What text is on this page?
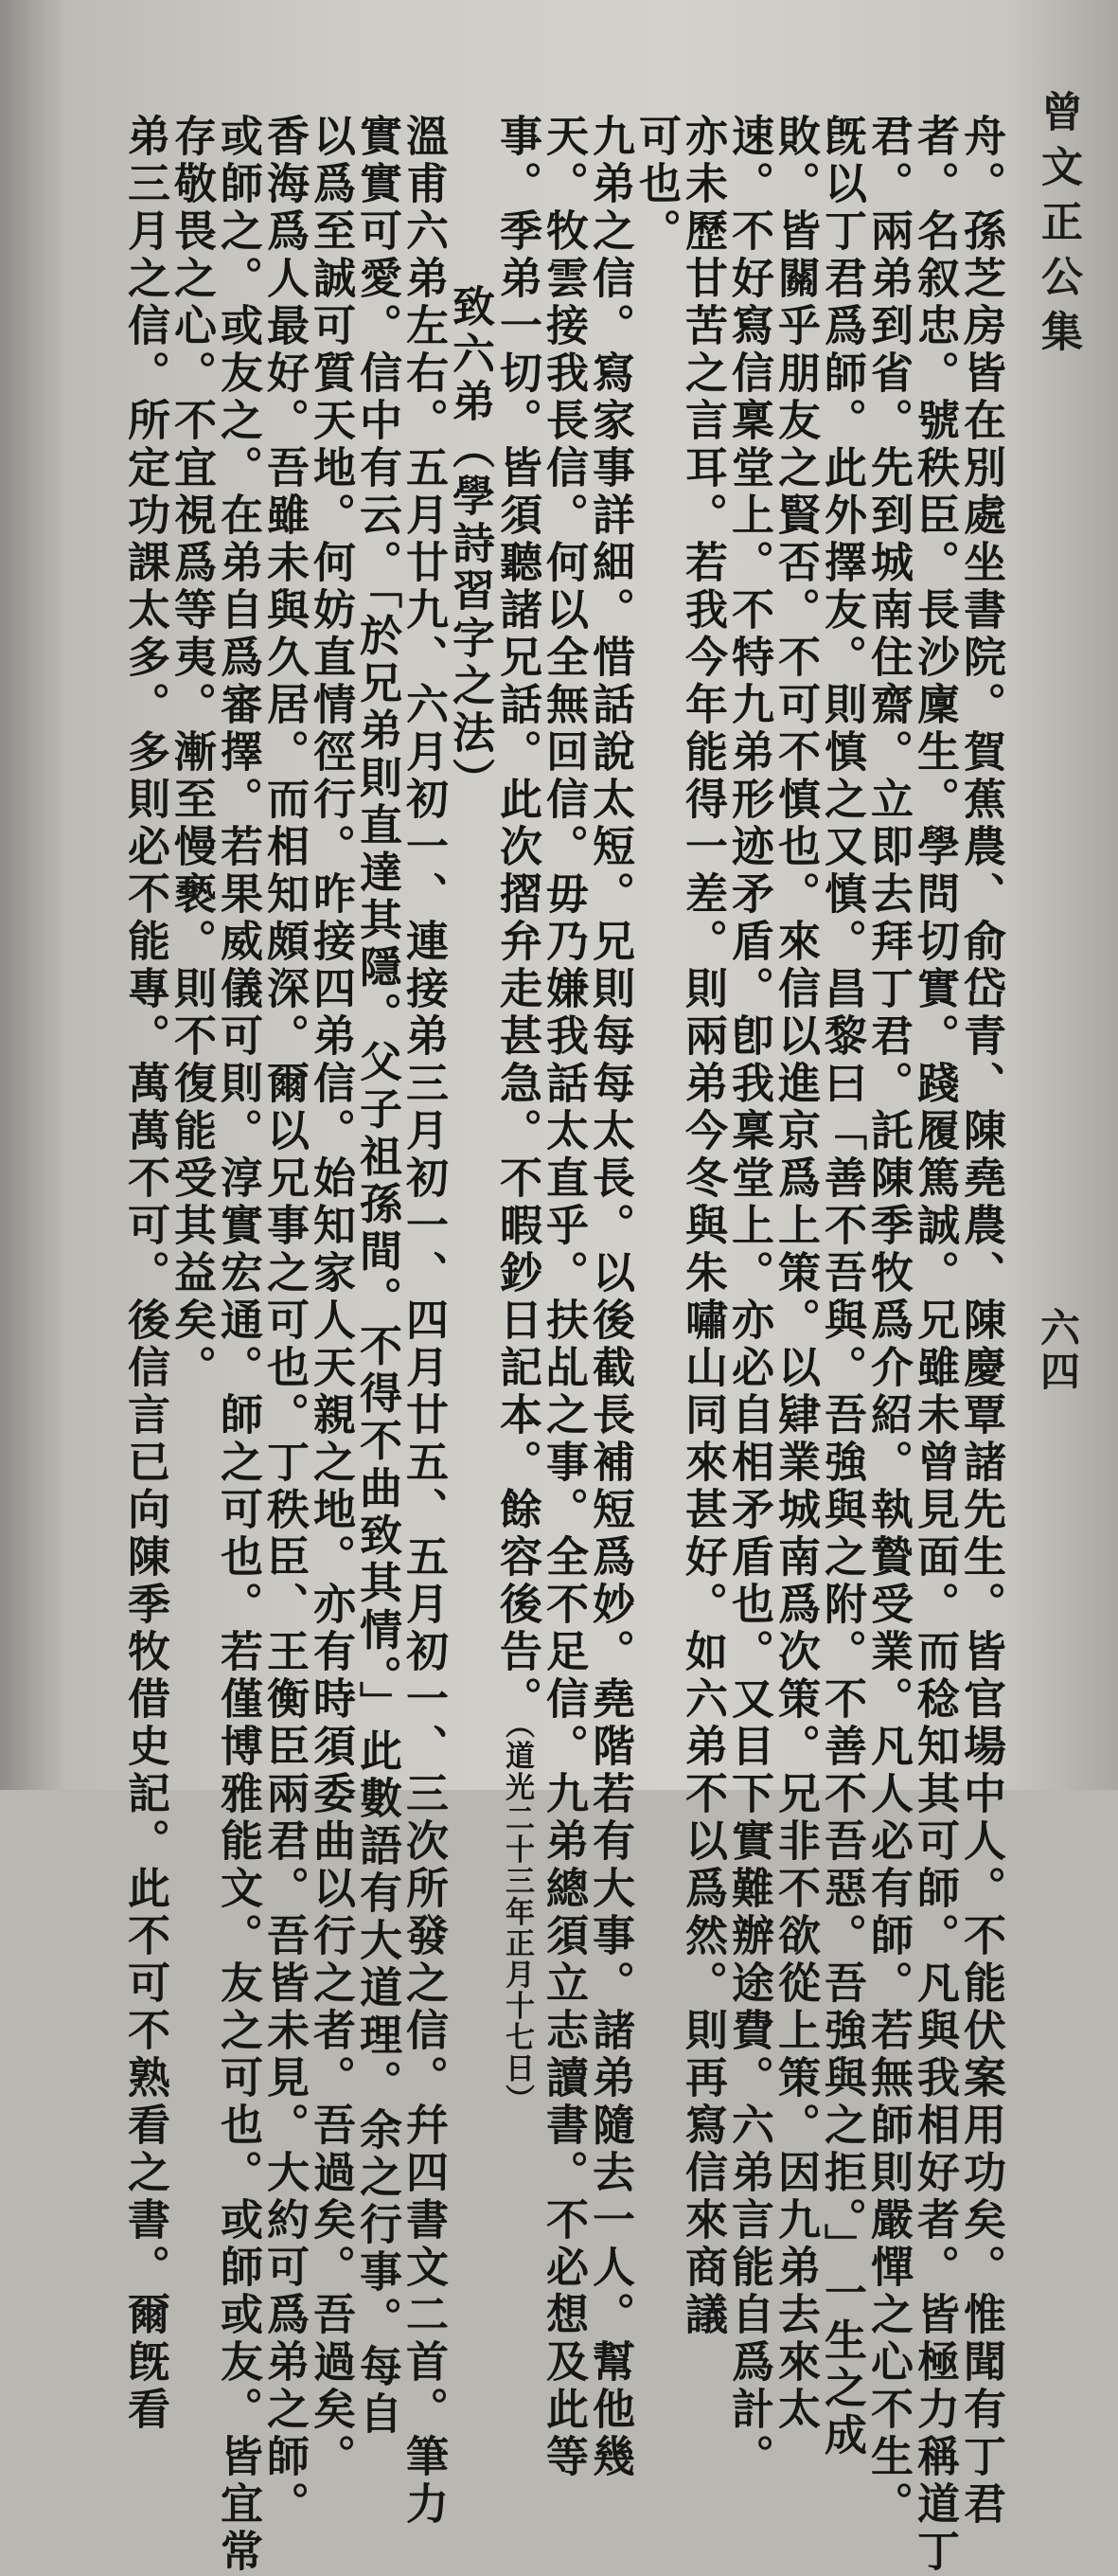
曾文正公集
六四
舟。孫芝房皆在別處坐書院。賀蕉農、俞岱青、陳堯農、陳慶覃諸先生。皆官場中人。不能伏案用功矣。惟聞有丁君
者。名叙忠。號秩臣。長沙廩生。學問切實。踐履篤誠。兄雖未曾見面。而稔知其可師。凡與我相好者。皆極力稱道丁
君。兩弟到省。先到城南住齋。立即去拜丁君。託陳季牧爲介紹。執贄受業。凡人必有師。若無師則嚴憚之心不生。
旣以丁君爲師。此外擇友。則慎之又慎。昌黎曰「善不吾與。吾強與之附。不善不吾惡。吾強與之拒。」一生之成
敗。皆關乎朋友之賢否。不可不慎也。來信以進京爲上策。以肄業城南爲次策。兄非不欲從上策。因九弟去來太
速。不好寫信稟堂上。不特九弟形迹矛盾。卽我稟堂上。亦必自相矛盾也。又目下實難辦途費。六弟言能自爲計。
亦未歷甘苦之言耳。若我今年能得一差。則兩弟今冬與朱嘯山同來甚好。如六弟不以爲然。則再寫信來商議
可也。
九弟之信。寫家事詳細。惜話說太短。兄則每每太長。以後截長補短爲妙。堯階若有大事。諸弟隨去一人。幫他幾
天。牧雲接我長信。何以全無回信。毋乃嫌我話太直乎。扶乩之事。全不足信。九弟總須立志讀書。不必想及此等
事。季弟一切。皆須聽諸兄話。此次摺弁走甚急。不暇鈔日記本。餘容後告。（道光二十三年正月十七日）
致六弟（學詩習字之法）
溫甫六弟左右。五月廿九、六月初一、連接弟三月初一、四月廿五、五月初一、三次所發之信。幷四書文二首。筆力
實實可愛。信中有云。「於兄弟則直達其隱。父子祖孫間。不得不曲致其情。」此數語有大道理。余之行事。每自
以爲至誠可質天地。何妨直情徑行。昨接四弟信。始知家人天親之地。亦有時須委曲以行之者。吾過矣。吾過矣。
香海爲人最好。吾雖未與久居。而相知頗深。爾以兄事之可也。丁秩臣、王衡臣兩君。吾皆未見。大約可爲弟之師。
或師之。或友之。在弟自爲審擇。若果威儀可則。淳實宏通。師之可也。若僅博雅能文。友之可也。或師或友。皆宜常
存敬畏之心。不宜視爲等夷。漸至慢褻。則不復能受其益矣。
弟三月之信。所定功課太多。多則必不能專。萬萬不可。後信言已向陳季牧借史記。此不可不熟看之書。爾旣看
